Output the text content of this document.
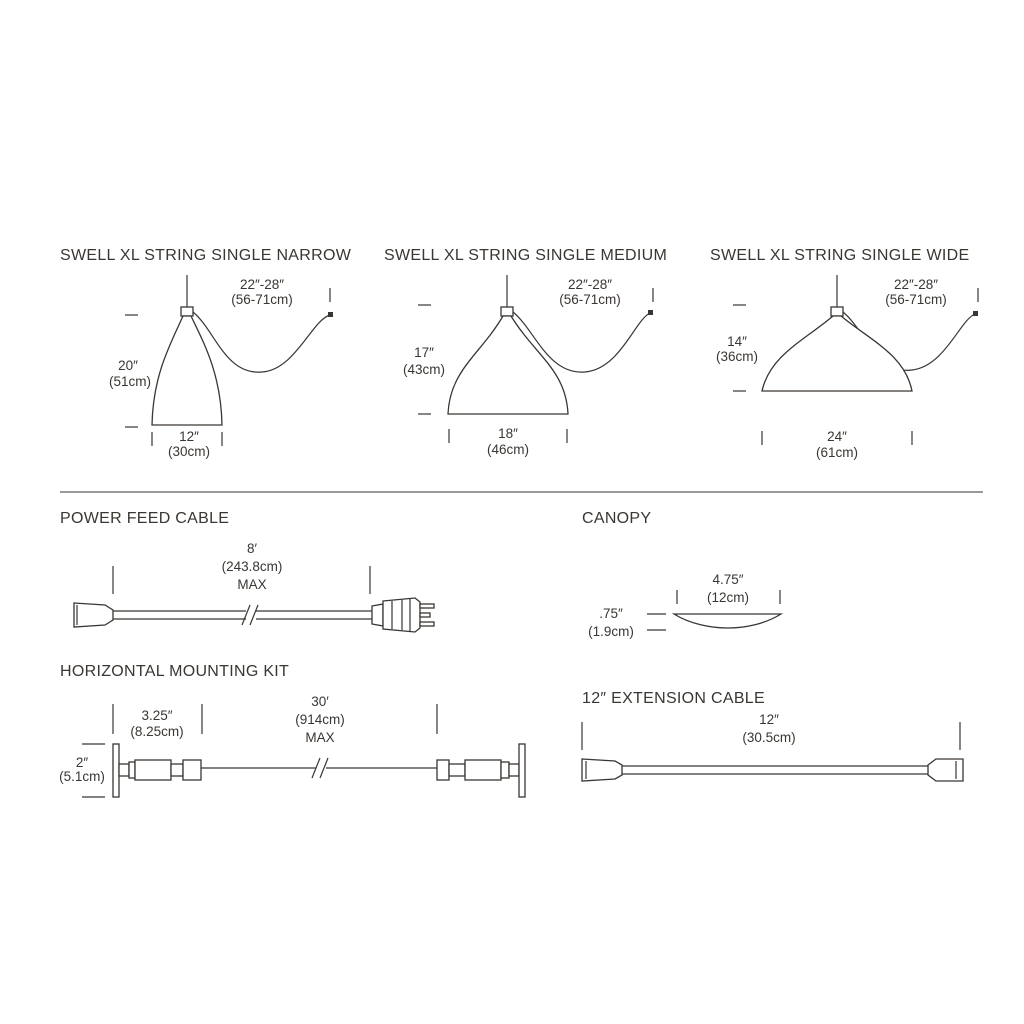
SWELL XL STRING SINGLE NARROW
22″-28″
(56-71cm)
20″
(51cm)
12″
(30cm)
SWELL XL STRING SINGLE MEDIUM
22″-28″
(56-71cm)
17″
(43cm)
18″
(46cm)
SWELL XL STRING SINGLE WIDE
22″-28″
(56-71cm)
14″
(36cm)
24″
(61cm)
POWER FEED CABLE
8′
(243.8cm)
MAX
CANOPY
4.75″
(12cm)
.75″
(1.9cm)
HORIZONTAL MOUNTING KIT
3.25″
(8.25cm)
30′
(914cm)
MAX
2″
(5.1cm)
12″ EXTENSION CABLE
12″
(30.5cm)
